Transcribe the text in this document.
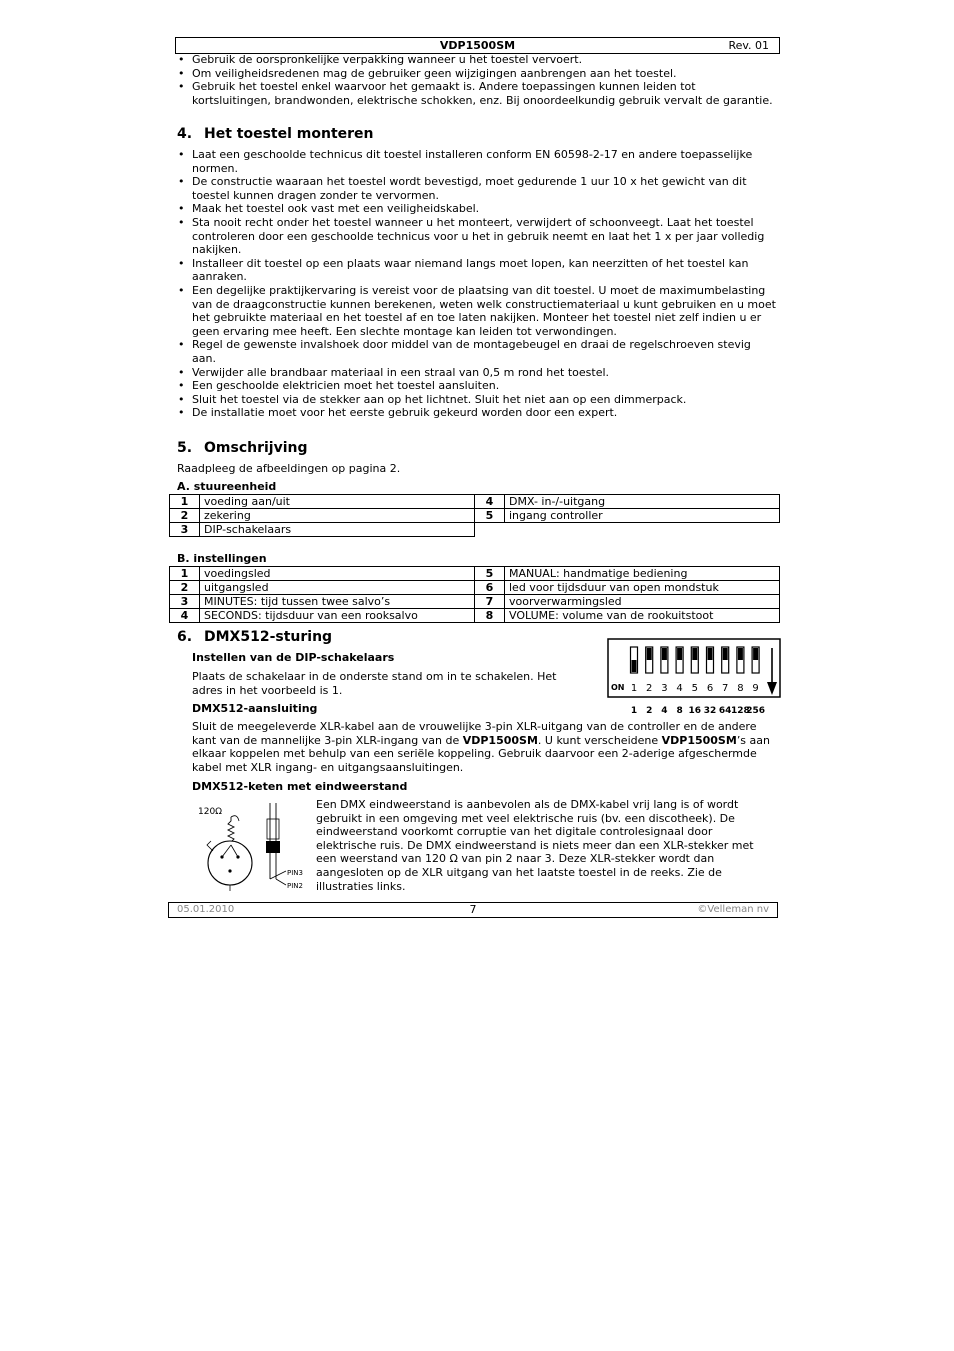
VDP1500SM	Rev. 01
• Gebruik de oorspronkelijke verpakking wanneer u het toestel vervoert.
• Om veiligheidsredenen mag de gebruiker geen wijzigingen aanbrengen aan het toestel.
• Gebruik het toestel enkel waarvoor het gemaakt is. Andere toepassingen kunnen leiden tot kortsluitingen, brandwonden, elektrische schokken, enz. Bij onoordeelkundig gebruik vervalt de garantie.
4. Het toestel monteren
• Laat een geschoolde technicus dit toestel installeren conform EN 60598-2-17 en andere toepasselijke normen.
• De constructie waaraan het toestel wordt bevestigd, moet gedurende 1 uur 10 x het gewicht van dit toestel kunnen dragen zonder te vervormen.
• Maak het toestel ook vast met een veiligheidskabel.
• Sta nooit recht onder het toestel wanneer u het monteert, verwijdert of schoonveegt. Laat het toestel controleren door een geschoolde technicus voor u het in gebruik neemt en laat het 1 x per jaar volledig nakijken.
• Installeer dit toestel op een plaats waar niemand langs moet lopen, kan neerzitten of het toestel kan aanraken.
• Een degelijke praktijkervaring is vereist voor de plaatsing van dit toestel. U moet de maximumbelasting van de draagconstructie kunnen berekenen, weten welk constructiemateriaal u kunt gebruiken en u moet het gebruikte materiaal en het toestel af en toe laten nakijken. Monteer het toestel niet zelf indien u er geen ervaring mee heeft. Een slechte montage kan leiden tot verwondingen.
• Regel de gewenste invalshoek door middel van de montagebeugel en draai de regelschroeven stevig aan.
• Verwijder alle brandbaar materiaal in een straal van 0,5 m rond het toestel.
• Een geschoolde elektricien moet het toestel aansluiten.
• Sluit het toestel via de stekker aan op het lichtnet. Sluit het niet aan op een dimmerpack.
• De installatie moet voor het eerste gebruik gekeurd worden door een expert.
5. Omschrijving
Raadpleeg de afbeeldingen op pagina 2.
A. stuureenheid
1	voeding aan/uit	4	DMX- in-/-uitgang
2	zekering	5	ingang controller
3	DIP-schakelaars		
B. instellingen
1	voedingsled	5	MANUAL: handmatige bediening
2	uitgangsled	6	led voor tijdsduur van open mondstuk
3	MINUTES: tijd tussen twee salvo’s	7	voorverwarmingsled
4	SECONDS: tijdsduur van een rooksalvo	8	VOLUME: volume van de rookuitstoot
6. DMX512-sturing
Instellen van de DIP-schakelaars
Plaats de schakelaar in de onderste stand om in te schakelen. Het adres in het voorbeeld is 1.	ON 1 2 3 4 5 6 7 8 9
1 2 4 8 16 32 64 128
256
DMX512-aansluiting
Sluit de meegeleverde XLR-kabel aan de vrouwelijke 3-pin XLR-uitgang van de controller en de andere kant van de mannelijke 3-pin XLR-ingang van de VDP1500SM. U kunt verscheidene VDP1500SM’s aan elkaar koppelen met behulp van een seriële koppeling. Gebruik daarvoor een 2-aderige afgeschermde kabel met XLR ingang- en uitgangsaansluitingen.
DMX512-keten met eindweerstand
120Ω
PIN3
PIN2
Een DMX eindweerstand is aanbevolen als de DMX-kabel vrij lang is of wordt gebruikt in een omgeving met veel elektrische ruis (bv. een discotheek). De eindweerstand voorkomt corruptie van het digitale controlesignaal door elektrische ruis. De DMX eindweerstand is niets meer dan een XLR-stekker met een weerstand van 120 Ω van pin 2 naar 3. Deze XLR-stekker wordt dan aangesloten op de XLR uitgang van het laatste toestel in de reeks. Zie de illustraties links.
05.01.2010	7	©Velleman nv
